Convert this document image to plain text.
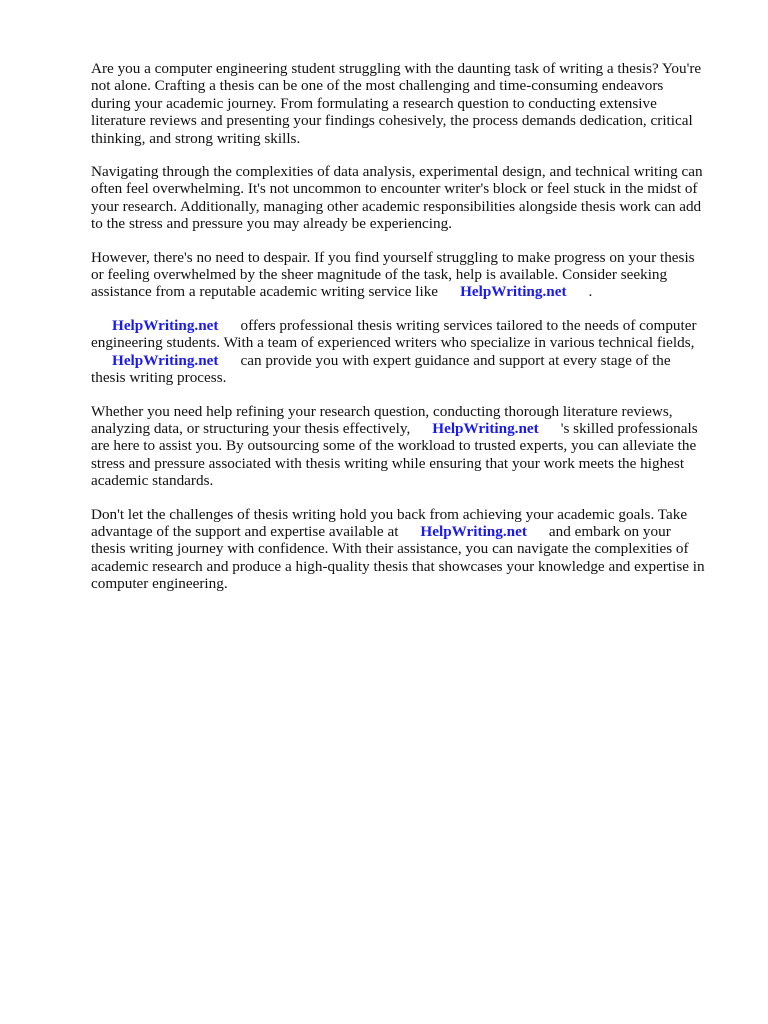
Are you a computer engineering student struggling with the daunting task of writing a thesis? You're
not alone. Crafting a thesis can be one of the most challenging and time-consuming endeavors
during your academic journey. From formulating a research question to conducting extensive
literature reviews and presenting your findings cohesively, the process demands dedication, critical
thinking, and strong writing skills.

Navigating through the complexities of data analysis, experimental design, and technical writing can
often feel overwhelming. It's not uncommon to encounter writer's block or feel stuck in the midst of
your research. Additionally, managing other academic responsibilities alongside thesis work can add
to the stress and pressure you may already be experiencing.

However, there's no need to despair. If you find yourself struggling to make progress on your thesis
or feeling overwhelmed by the sheer magnitude of the task, help is available. Consider seeking
assistance from a reputable academic writing service like HelpWriting.net .

HelpWriting.net offers professional thesis writing services tailored to the needs of computer
engineering students. With a team of experienced writers who specialize in various technical fields,
HelpWriting.net can provide you with expert guidance and support at every stage of the
thesis writing process.

Whether you need help refining your research question, conducting thorough literature reviews,
analyzing data, or structuring your thesis effectively, HelpWriting.net 's skilled professionals
are here to assist you. By outsourcing some of the workload to trusted experts, you can alleviate the
stress and pressure associated with thesis writing while ensuring that your work meets the highest
academic standards.

Don't let the challenges of thesis writing hold you back from achieving your academic goals. Take
advantage of the support and expertise available at HelpWriting.net and embark on your
thesis writing journey with confidence. With their assistance, you can navigate the complexities of
academic research and produce a high-quality thesis that showcases your knowledge and expertise in
computer engineering.
